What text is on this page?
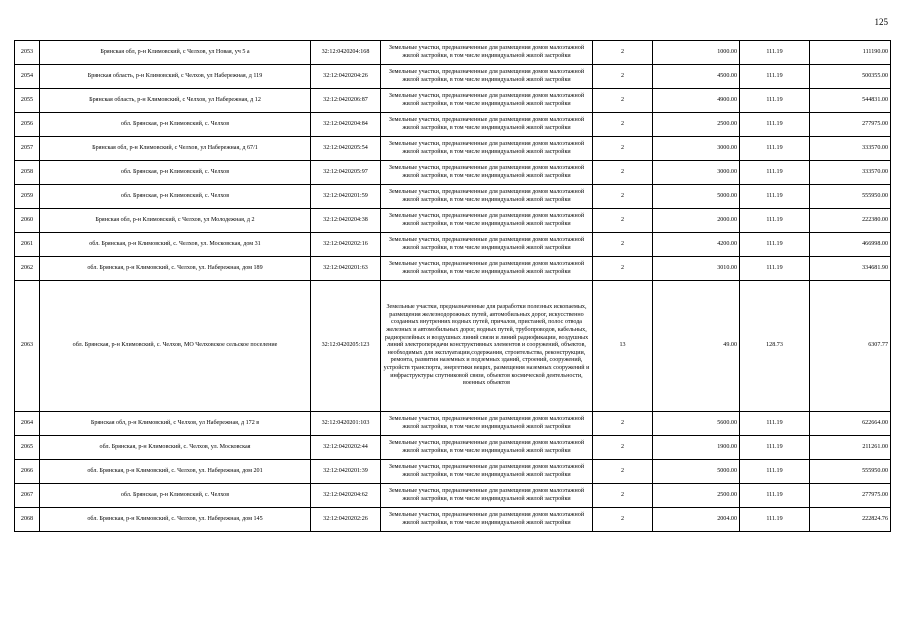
125
2053	Брянская обл, р-н Климовский, с Челхов, ул Новая, уч 5 а	32:12:0420204:168	Земельные участки, предназначенные для размещения домов малоэтажной жилой застройки, в том числе индивидуальной жилой застройки	2	1000.00	111.19	111190.00
2054	Брянская область, р-н Климовский, с Челхов, ул Набережная, д 119	32:12:0420204:26	Земельные участки, предназначенные для размещения домов малоэтажной жилой застройки, в том числе индивидуальной жилой застройки	2	4500.00	111.19	500355.00
2055	Брянская область, р-н Климовский, с Челхов, ул Набережная, д 12	32:12:0420206:87	Земельные участки, предназначенные для размещения домов малоэтажной жилой застройки, в том числе индивидуальной жилой застройки	2	4900.00	111.19	544831.00
2056	обл. Брянская, р-н Климовский, с. Челхов	32:12:0420204:84	Земельные участки, предназначенные для размещения домов малоэтажной жилой застройки, в том числе индивидуальной жилой застройки	2	2500.00	111.19	277975.00
2057	Брянская обл, р-н Климовский, с Челхов, ул Набережная, д 67/1	32:12:0420205:54	Земельные участки, предназначенные для размещения домов малоэтажной жилой застройки, в том числе индивидуальной жилой застройки	2	3000.00	111.19	333570.00
2058	обл. Брянская, р-н Климовский, с. Челхов	32:12:0420205:97	Земельные участки, предназначенные для размещения домов малоэтажной жилой застройки, в том числе индивидуальной жилой застройки	2	3000.00	111.19	333570.00
2059	обл. Брянская, р-н Климовский, с. Челхов	32:12:0420201:59	Земельные участки, предназначенные для размещения домов малоэтажной жилой застройки, в том числе индивидуальной жилой застройки	2	5000.00	111.19	555950.00
2060	Брянская обл, р-н Климовский, с Челхов, ул Молодежная, д 2	32:12:0420204:38	Земельные участки, предназначенные для размещения домов малоэтажной жилой застройки, в том числе индивидуальной жилой застройки	2	2000.00	111.19	222380.00
2061	обл. Брянская, р-н Климовский, с. Челхов, ул. Московская, дом 31	32:12:0420202:16	Земельные участки, предназначенные для размещения домов малоэтажной жилой застройки, в том числе индивидуальной жилой застройки	2	4200.00	111.19	466998.00
2062	обл. Брянская, р-н Климовский, с. Челхов, ул. Набережная, дом 189	32:12:0420201:63	Земельные участки, предназначенные для размещения домов малоэтажной жилой застройки, в том числе индивидуальной жилой застройки	2	3010.00	111.19	334681.90
2063	обл. Брянская, р-н Климовский, с. Челхов, МО Челховское сельское поселение	32:12:0420205:123	Земельные участки, предназначенные для разработки полезных ископаемых, размещения железнодорожных путей, автомобильных дорог, искусственно созданных внутренних водных путей, причалов, пристаней, полос отвода железных и автомобильных дорог, водных путей, трубопроводов, кабельных, радиорелейных и воздушных линий связи и линий радиофикации, воздушных линий электропередачи конструктивных элементов и сооружений, объектов, необходимых для эксплуатации,содержания, строительства, реконструкции, ремонта, развития наземных и подземных зданий, строений, сооружений, устройств транспорта, энергетики вещих, размещения наземных сооружений и инфраструктуры спутниковой связи, объектов космической деятельности, военных объектов	13	49.00	128.73	6307.77
2064	Брянская обл, р-н Климовский, с Челхов, ул Набережная, д 172 в	32:12:0420201:103	Земельные участки, предназначенные для размещения домов малоэтажной жилой застройки, в том числе индивидуальной жилой застройки	2	5600.00	111.19	622664.00
2065	обл. Брянская, р-н Климовский, с. Челхов, ул. Московская	32:12:0420202:44	Земельные участки, предназначенные для размещения домов малоэтажной жилой застройки, в том числе индивидуальной жилой застройки	2	1900.00	111.19	211261.00
2066	обл. Брянская, р-н Климовский, с. Челхов, ул. Набережная, дом 201	32:12:0420201:39	Земельные участки, предназначенные для размещения домов малоэтажной жилой застройки, в том числе индивидуальной жилой застройки	2	5000.00	111.19	555950.00
2067	обл. Брянская, р-н Климовский, с. Челхов	32:12:0420204:62	Земельные участки, предназначенные для размещения домов малоэтажной жилой застройки, в том числе индивидуальной жилой застройки	2	2500.00	111.19	277975.00
2068	обл. Брянская, р-н Климовский, с. Челхов, ул. Набережная, дом 145	32:12:0420202:26	Земельные участки, предназначенные для размещения домов малоэтажной жилой застройки, в том числе индивидуальной жилой застройки	2	2004.00	111.19	222824.76
